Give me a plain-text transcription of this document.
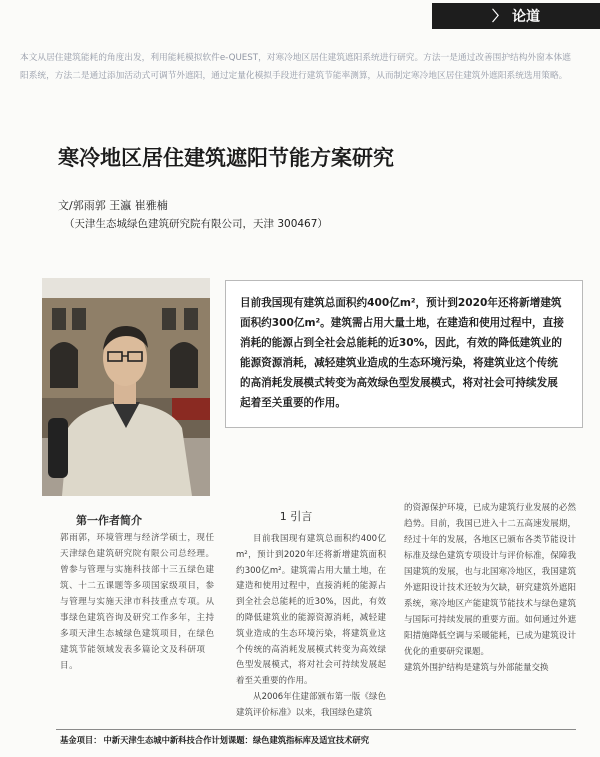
〉 论道
本文从居住建筑能耗的角度出发，利用能耗模拟软件e-QUEST，对寒冷地区居住建筑遮阳系统进行研究。方法一是通过改善围护结构外窗本体遮阳系统，方法二是通过添加活动式可调节外遮阳，通过定量化模拟手段进行建筑节能率测算，从而制定寒冷地区居住建筑外遮阳系统选用策略。
寒冷地区居住建筑遮阳节能方案研究
文/郭雨郭 王瀛 崔雅楠
（天津生态城绿色建筑研究院有限公司，天津 300467）
目前我国现有建筑总面积约400亿m²，预计到2020年还将新增建筑面积约300亿m²。建筑需占用大量土地，在建造和使用过程中，直接消耗的能源占到全社会总能耗的近30%，因此，有效的降低建筑业的能源资源消耗，减轻建筑业造成的生态环境污染，将建筑业这个传统的高消耗发展模式转变为高效绿色型发展模式，将对社会可持续发展起着至关重要的作用。
第一作者简介
郭雨郭，环境管理与经济学硕士，现任天津绿色建筑研究院有限公司总经理。曾参与管理与实施科技部十三五绿色建筑、十二五课题等多项国家级项目，参与管理与实施天津市科技重点专项。从事绿色建筑咨询及研究工作多年，主持多项天津生态城绿色建筑项目，在绿色建筑节能领域发表多篇论文及科研项目。
1 引言
目前我国现有建筑总面积约400亿m²，预计到2020年还将新增建筑面积约300亿m²。建筑需占用大量土地，在建造和使用过程中，直接消耗的能源占到全社会总能耗的近30%，因此，有效的降低建筑业的能源资源消耗，减轻建筑业造成的生态环境污染，将建筑业这个传统的高消耗发展模式转变为高效绿色型发展模式，将对社会可持续发展起着至关重要的作用。
从2006年住建部颁布第一版《绿色建筑评价标准》以来，我国绿色建筑
的资源保护环境，已成为建筑行业发展的必然趋势。目前，我国已进入十二五高速发展期，经过十年的发展，各地区已颁布各类节能设计标准及绿色建筑专项设计与评价标准，保障我国建筑的发展，也与北国寒冷地区，我国建筑外遮阳设计技术还较为欠缺，研究建筑外遮阳系统，寒冷地区产能建筑节能技术与绿色建筑与国际可持续发展的重要方面。如何通过外遮阳措施降低空调与采暖能耗，已成为建筑设计优化的重要研究课题。
建筑外围护结构是建筑与外部能量交换
基金项目： 中新天津生态城中新科技合作计划课题：绿色建筑指标库及适宜技术研究
